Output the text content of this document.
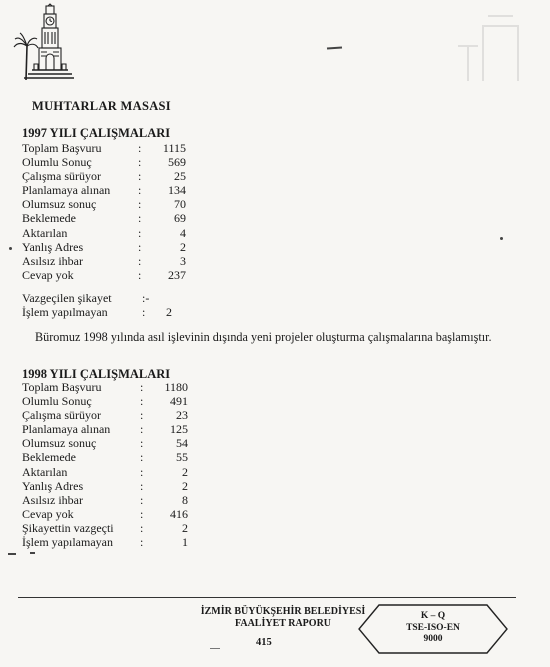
MUHTARLAR MASASI
1997 YILI ÇALIŞMALARI
Toplam Başvuru	:	1115
Olumlu Sonuç	:	569
Çalışma sürüyor	:	25
Planlamaya alınan	:	134
Olumsuz sonuç	:	70
Beklemede	:	69
Aktarılan	:	4
Yanlış Adres	:	2
Asılsız ihbar	:	3
Cevap yok	:	237
Vazgeçilen şikayet	:-
İşlem yapılmayan	:	2
Büromuz 1998 yılında asıl işlevinin dışında yeni projeler oluşturma çalışmalarına başlamıştır.
1998 YILI ÇALIŞMALARI
Toplam Başvuru	:	1180
Olumlu Sonuç	:	491
Çalışma sürüyor	:	23
Planlamaya alınan	:	125
Olumsuz sonuç	:	54
Beklemede	:	55
Aktarılan	:	2
Yanlış Adres	:	2
Asılsız ihbar	:	8
Cevap yok	:	416
Şikayettin vazgeçti	:	2
İşlem yapılamayan	:	1
İZMİR BÜYÜKŞEHİR BELEDİYESİ
FAALİYET RAPORU
415
K – Q
TSE-ISO-EN
9000
